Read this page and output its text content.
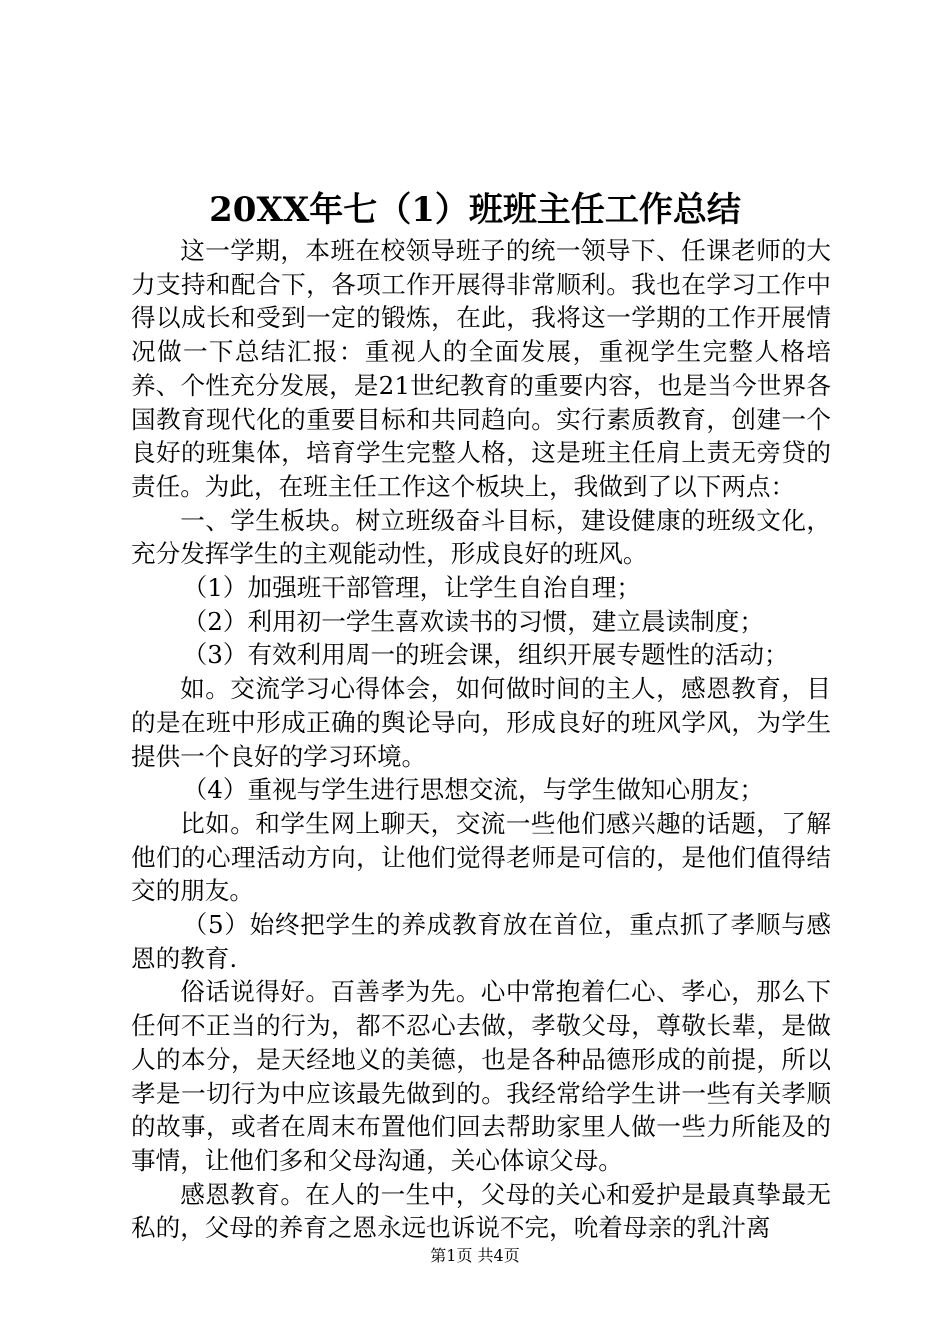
20XX年七（1）班班主任工作总结

这一学期，本班在校领导班子的统一领导下、任课老师的大力支持和配合下，各项工作开展得非常顺利。我也在学习工作中得以成长和受到一定的锻炼，在此，我将这一学期的工作开展情况做一下总结汇报：重视人的全面发展，重视学生完整人格培养、个性充分发展，是21世纪教育的重要内容，也是当今世界各国教育现代化的重要目标和共同趋向。实行素质教育，创建一个良好的班集体，培育学生完整人格，这是班主任肩上责无旁贷的责任。为此，在班主任工作这个板块上，我做到了以下两点：

一、学生板块。树立班级奋斗目标，建设健康的班级文化，充分发挥学生的主观能动性，形成良好的班风。

（1）加强班干部管理，让学生自治自理；

（2）利用初一学生喜欢读书的习惯，建立晨读制度；

（3）有效利用周一的班会课，组织开展专题性的活动；

如。交流学习心得体会，如何做时间的主人，感恩教育，目的是在班中形成正确的舆论导向，形成良好的班风学风，为学生提供一个良好的学习环境。

（4）重视与学生进行思想交流，与学生做知心朋友；

比如。和学生网上聊天，交流一些他们感兴趣的话题，了解他们的心理活动方向，让他们觉得老师是可信的，是他们值得结交的朋友。

（5）始终把学生的养成教育放在首位，重点抓了孝顺与感恩的教育.

俗话说得好。百善孝为先。心中常抱着仁心、孝心，那么下任何不正当的行为，都不忍心去做，孝敬父母，尊敬长辈，是做人的本分，是天经地义的美德，也是各种品德形成的前提，所以孝是一切行为中应该最先做到的。我经常给学生讲一些有关孝顺的故事，或者在周末布置他们回去帮助家里人做一些力所能及的事情，让他们多和父母沟通，关心体谅父母。

感恩教育。在人的一生中，父母的关心和爱护是最真挚最无私的，父母的养育之恩永远也诉说不完，吮着母亲的乳汁离

第1页 共4页
